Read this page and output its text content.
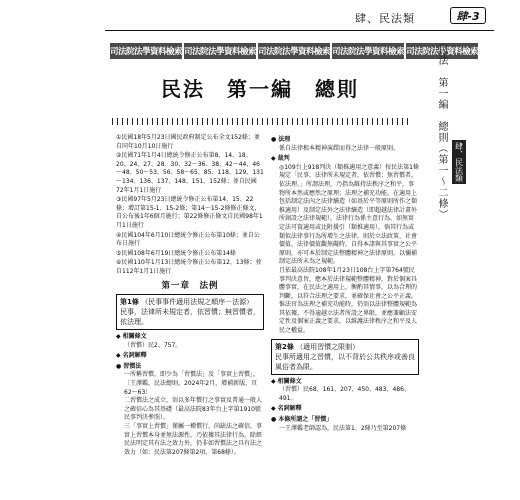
肆、民法類	肆-3
司法院法學資料檢索 司法院法學資料檢索 司法院法學資料檢索 司法院法學資料檢索 司法院法學資料檢索
民法　第一編　總則	民法　第一編　總則（第一～二條） 肆、民法類

①民國18年5月23日國民政府制定公布全文152條；並自同年10月10日施行

②民國71年1月4日總統令修正公布第8、14、18、20、24、27、28、30、32～36、38、42～44、46～48、50～53、56、58～65、85、118、129、131～134、136、137、148、151、152條；並自民國72年1月1日施行

③民國97年5月23日總統令修正公布第14、15、22條；增訂第15-1、15-2條；第14～15-2條修正條文，自公布後1年6個月施行；第22條修正條文自民國98年1月1日施行

④民國104年6月10日總統令修正公布第10條；並自公布日施行

⑤民國108年6月19日總統令修正公布第14條

⑥民國110年1月13日總統令修正公布第12、13條；並自112年1月1日施行

第一章　法例
第1條 （民事事件適用法規之順序－法源）
民事，法律所未規定者，依習慣；無習慣者，依法理。
◆ 相關條文
（習慣）民2、757。
◆ 名詞解釋
● 習慣法

一所稱習慣，即少為「習慣法」及「事實上習慣」，〔王澤鑑，民法總則，2024年2月，增補新版，頁62～63〕

二習慣法之成立，須以多年慣行之事實及普通一般人之確信心為其基礎（最高法院83年台上字第1910號民事判決參照）。

三「事實上習慣」僅屬一種慣行，尚缺法之確信，事實上習慣本身並無法源性，乃依據其法律行為，除經民法明定其有法之效力外，仍非如習慣法之具有法之效力（如：民法第207條第2項、第68條）。

● 法理

係自法律根本精神演繹而得之法律一般原則。

◆ 裁判

◎109台上918判決（類推適用之意義）按民法第1條規定「民事，法律所未規定者，依習慣；無習慣者，依法理。」所謂法理，乃指為維持法秩序之和平，事物所本然或應然之原理；法理之補充功能，在適用上包括制定法內之法律續造（如基於平等原則所作之類推適用）及制定法外之法律續造（即超越法律計畫外所創設之法律規範）。法律行為係主意行為，如無實定法可資適用或比附援引（類推適用），倘其行為或類似法律事行為所增生之法律，則於立法政策、社會價值，法律價值觀無礙時，自得本諸與其事實之公平原則，亦可本於制定法整體精神之法律原則，以彌補制定法所未為之規範。

且依最高法院108年1月23日108台上字第764號民事判決意旨，應本於法律規範整體精神，對於個案具體事實，在民法之適用上，衡酌其情事，以為合理的判斷，以符合法理之要求，並確保社會之公平正義。惟法官為法理之補充功能時，仍須以法律整體規範為其依據，不得逾越立法者所設之界限，並應兼顧法安定性及個案正義之要求，以維護法律秩序之和平及人民之權益。

第2條 （適用習慣之限制）
民事所適用之習慣，以不背於公共秩序或善良風俗者為限。
◆ 相關條文
（習慣）民68、161、207、450、483、486、491。
◆ 名詞解釋
● 本條所謂之「習慣」

一王澤鑑老師認為，民法第1、2條乃至第207條
